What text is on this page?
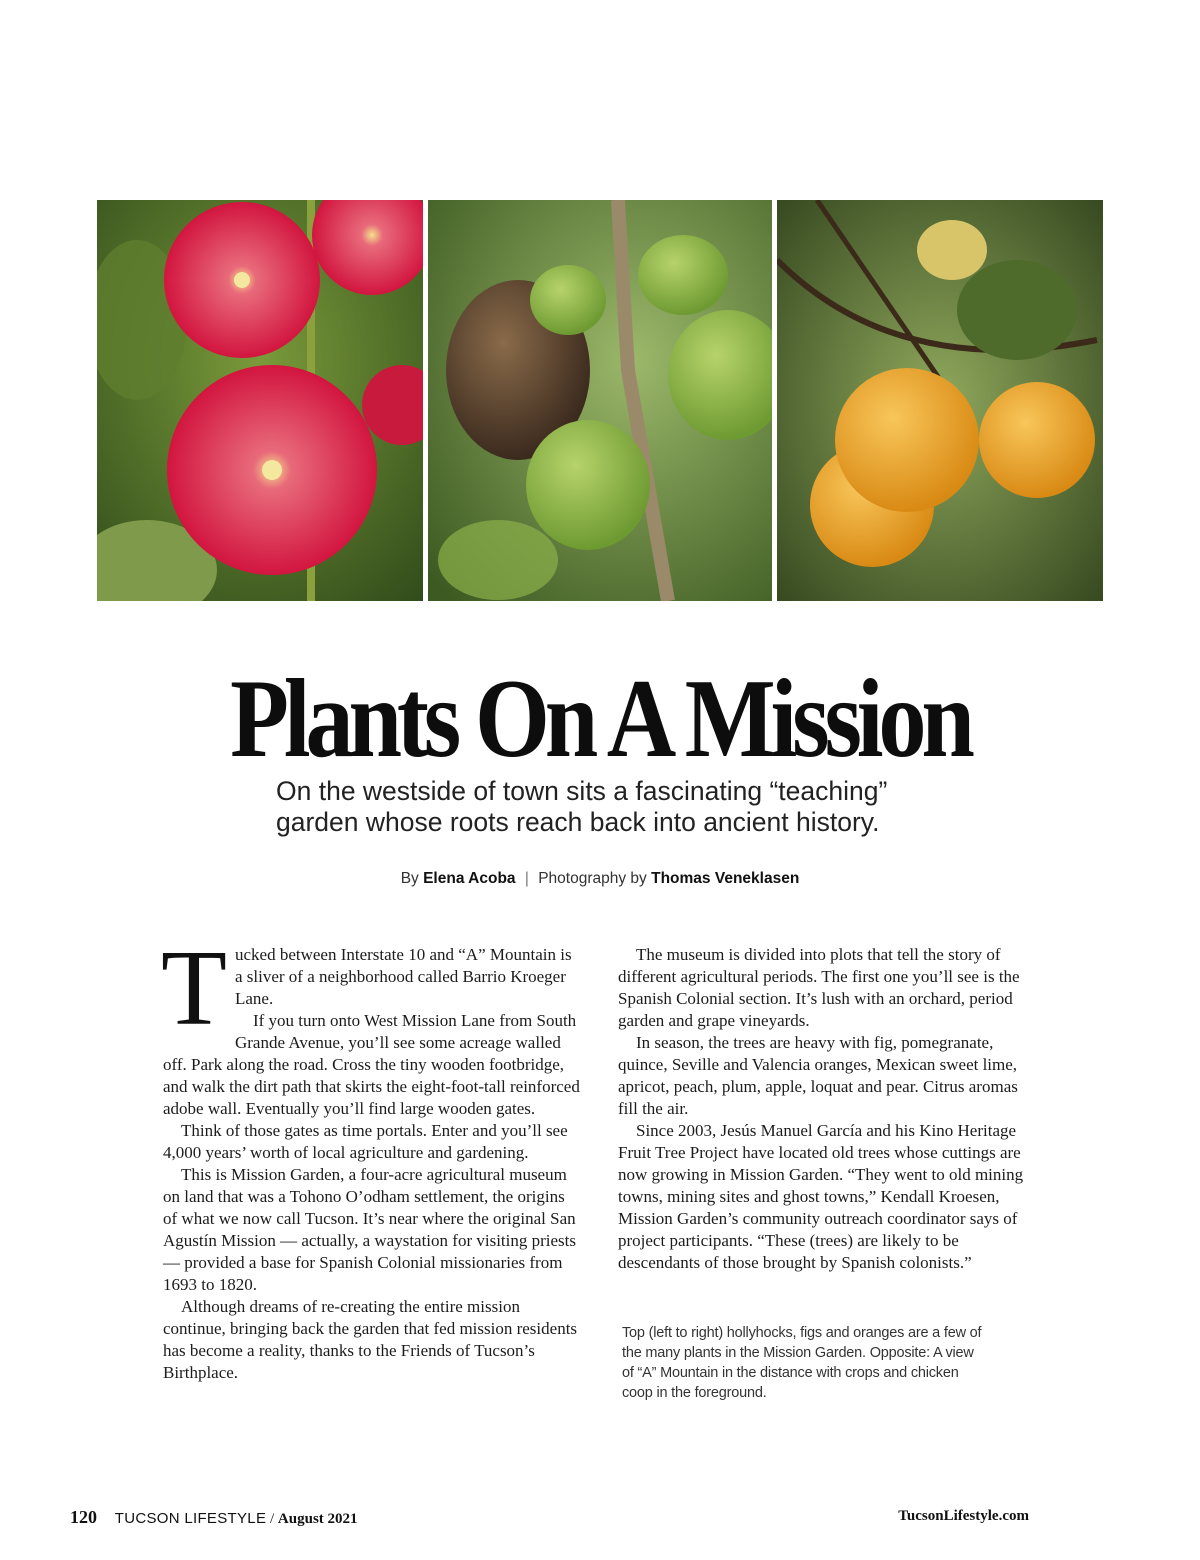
Plants On A Mission
On the westside of town sits a fascinating “teaching”
garden whose roots reach back into ancient history.
By Elena Acoba | Photography by Thomas Veneklasen

Tucked between Interstate 10 and “A” Mountain is a sliver of a neighborhood called Barrio Kroeger Lane.

If you turn onto West Mission Lane from South Grande Avenue, you’ll see some acreage walled off. Park along the road. Cross the tiny wooden footbridge, and walk the dirt path that skirts the eight-foot-tall reinforced adobe wall. Eventually you’ll find large wooden gates.

Think of those gates as time portals. Enter and you’ll see 4,000 years’ worth of local agriculture and gardening.

This is Mission Garden, a four-acre agricultural museum on land that was a Tohono O’odham settlement, the origins of what we now call Tucson. It’s near where the original San Agustín Mission — actually, a waystation for visiting priests — provided a base for Spanish Colonial missionaries from 1693 to 1820.

Although dreams of re-creating the entire mission continue, bringing back the garden that fed mission residents has become a reality, thanks to the Friends of Tucson’s Birthplace.

The museum is divided into plots that tell the story of different agricultural periods. The first one you’ll see is the Spanish Colonial section. It’s lush with an orchard, period garden and grape vineyards.

In season, the trees are heavy with fig, pomegranate, quince, Seville and Valencia oranges, Mexican sweet lime, apricot, peach, plum, apple, loquat and pear. Citrus aromas fill the air.

Since 2003, Jesús Manuel García and his Kino Heritage Fruit Tree Project have located old trees whose cuttings are now growing in Mission Garden. “They went to old mining towns, mining sites and ghost towns,” Kendall Kroesen, Mission Garden’s community outreach coordinator says of project participants. “These (trees) are likely to be descendants of those brought by Spanish colonists.”

Top (left to right) hollyhocks, figs and oranges are a few of the many plants in the Mission Garden. Opposite: A view of “A” Mountain in the distance with crops and chicken coop in the foreground.
120 TUCSON LIFESTYLE / August 2021	TucsonLifestyle.com
